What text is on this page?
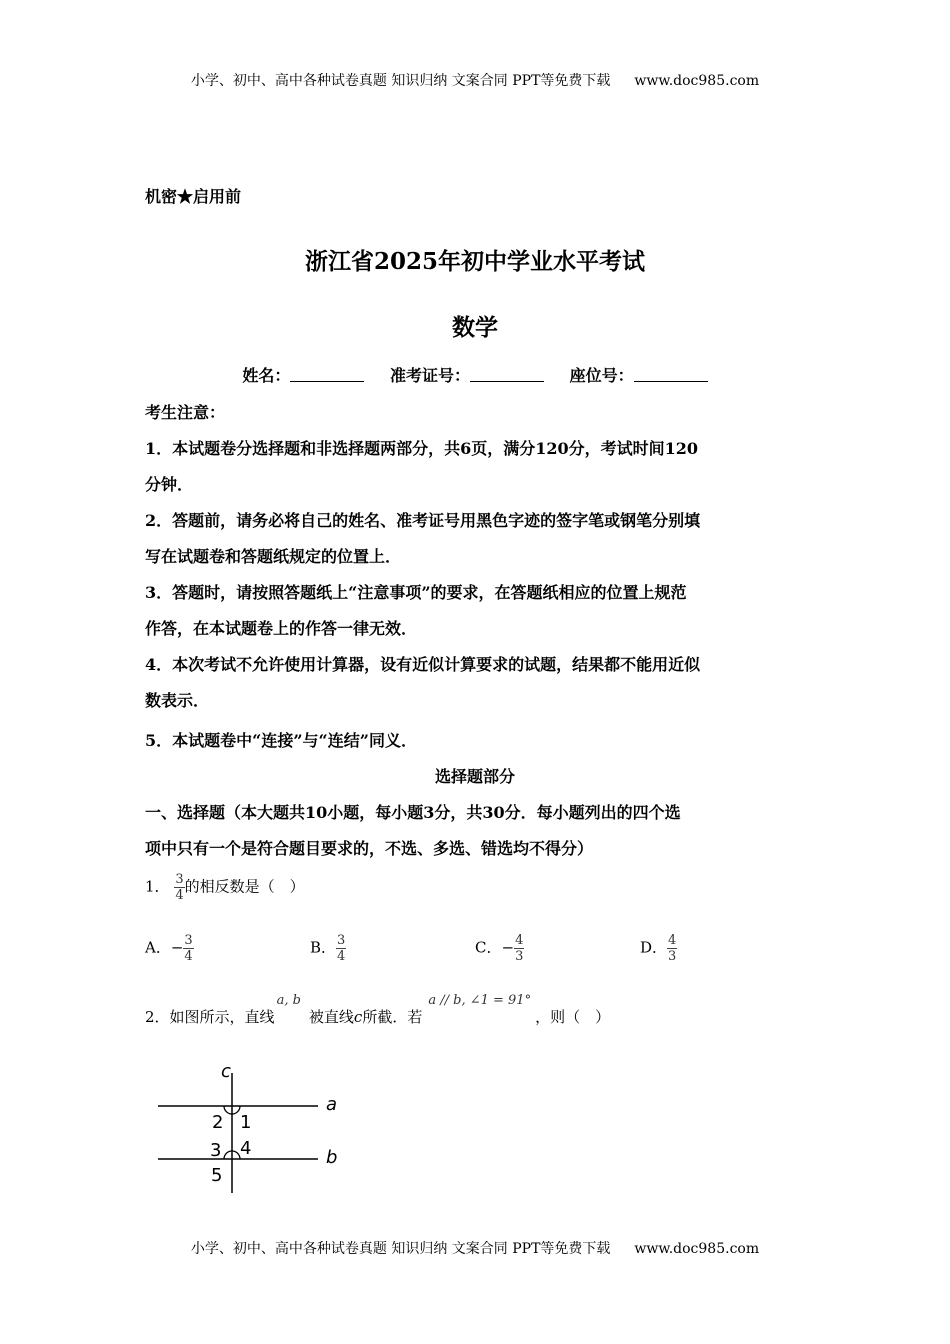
小学、初中、高中各种试卷真题 知识归纳 文案合同 PPT等免费下载 www.doc985.com
机密★启用前
浙江省2025年初中学业水平考试
数学
姓名：	准考证号：	座位号：
考生注意：
1．本试题卷分选择题和非选择题两部分，共6页，满分120分，考试时间120
分钟．
2．答题前，请务必将自己的姓名、准考证号用黑色字迹的签字笔或钢笔分别填
写在试题卷和答题纸规定的位置上．
3．答题时，请按照答题纸上“注意事项”的要求，在答题纸相应的位置上规范
作答，在本试题卷上的作答一律无效．
4．本次考试不允许使用计算器，设有近似计算要求的试题，结果都不能用近似
数表示．
5．本试题卷中“连接”与“连结”同义．
选择题部分
一、选择题（本大题共10小题，每小题3分，共30分．每小题列出的四个选
项中只有一个是符合题目要求的，不选、多选、错选均不得分）
1． $\frac{3}{4}$ 的相反数是（　）
A．− $\frac{3}{4}$	B． $\frac{3}{4}$	C．− $\frac{4}{3}$	D． $\frac{4}{3}$
2．如图所示，直线a, b被直线c所截．若a // b, ∠1 = 91°，则（　）
c
a
b
2 1
3 4
5
小学、初中、高中各种试卷真题 知识归纳 文案合同 PPT等免费下载 www.doc985.com
